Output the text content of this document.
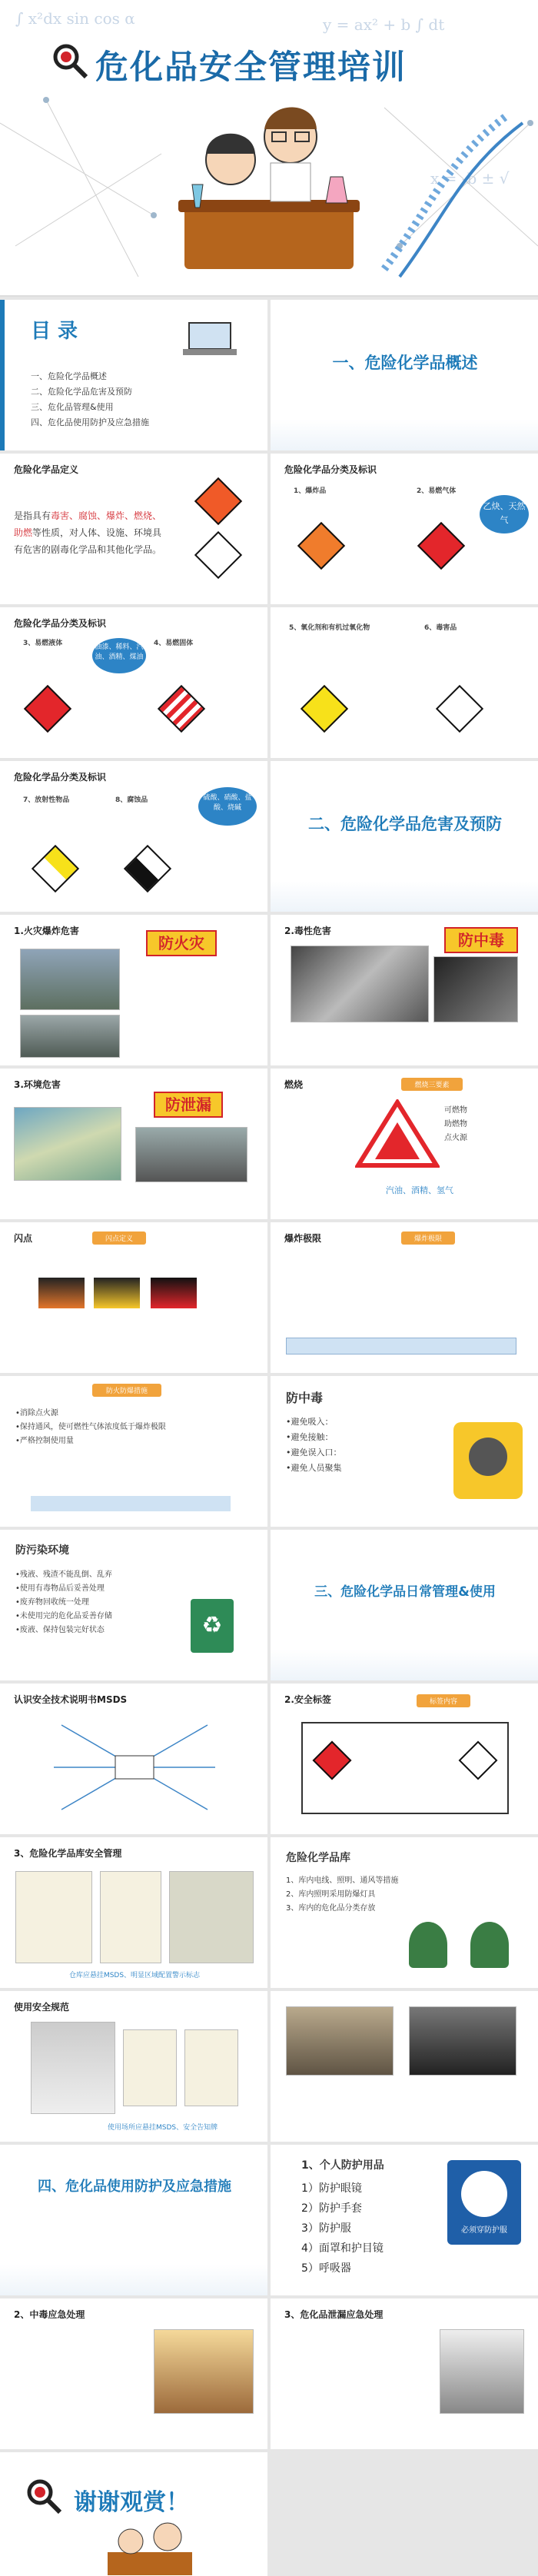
∫ x²dx sin cos α	y = ax² + b ∫ dt
x = -b ± √
危化品安全管理培训
目 录
一、危险化学品概述
二、危险化学品危害及预防
三、危化品管理&使用
四、危化品使用防护及应急措施
一、危险化学品概述
危险化学品定义
是指具有毒害、腐蚀、爆炸、燃烧、助燃等性质，对人体、设施、环境具有危害的剧毒化学品和其他化学品。
危险化学品分类及标识
1、爆炸品	2、易燃气体
乙炔、天然气
危险化学品分类及标识
3、易燃液体	4、易燃固体
油漆、稀料、汽油、酒精、煤油
5、氧化剂和有机过氧化物	6、毒害品
危险化学品分类及标识
7、放射性物品	8、腐蚀品	硫酸、硝酸、盐酸、烧碱
二、危险化学品危害及预防
1.火灾爆炸危害
防火灾
2.毒性危害	防中毒
3.环境危害
防泄漏
燃烧	燃烧三要素
可燃物
助燃物
点火源
汽油、酒精、氢气
闪点	闪点定义	爆炸极限	爆炸极限
防火防爆措施
•消除点火源
•保持通风，使可燃性气体浓度低于爆炸极限
•严格控制使用量
防中毒
•避免吸入：
•避免接触：
•避免误入口：
•避免人员聚集
防污染环境
•残液、残渣不能乱倒、乱弃
•使用有毒物品后妥善处理
•废弃物回收统一处理
•未使用完的危化品妥善存储
•废液、保持包装完好状态	♻
三、危险化学品日常管理&使用
认识安全技术说明书MSDS	2.安全标签	标签内容
3、危险化学品库安全管理
仓库应悬挂MSDS、明显区域配置警示标志
危险化学品库
1、库内电线、照明、通风等措施
2、库内照明采用防爆灯具
3、库内的危化品分类存放
使用安全规范
使用场所应悬挂MSDS、安全告知牌
四、危化品使用防护及应急措施
1、个人防护用品
1）防护眼镜
2）防护手套
3）防护服
4）面罩和护目镜
5）呼吸器
必须穿防护服
2、中毒应急处理	3、危化品泄漏应急处理
谢谢观赏！
